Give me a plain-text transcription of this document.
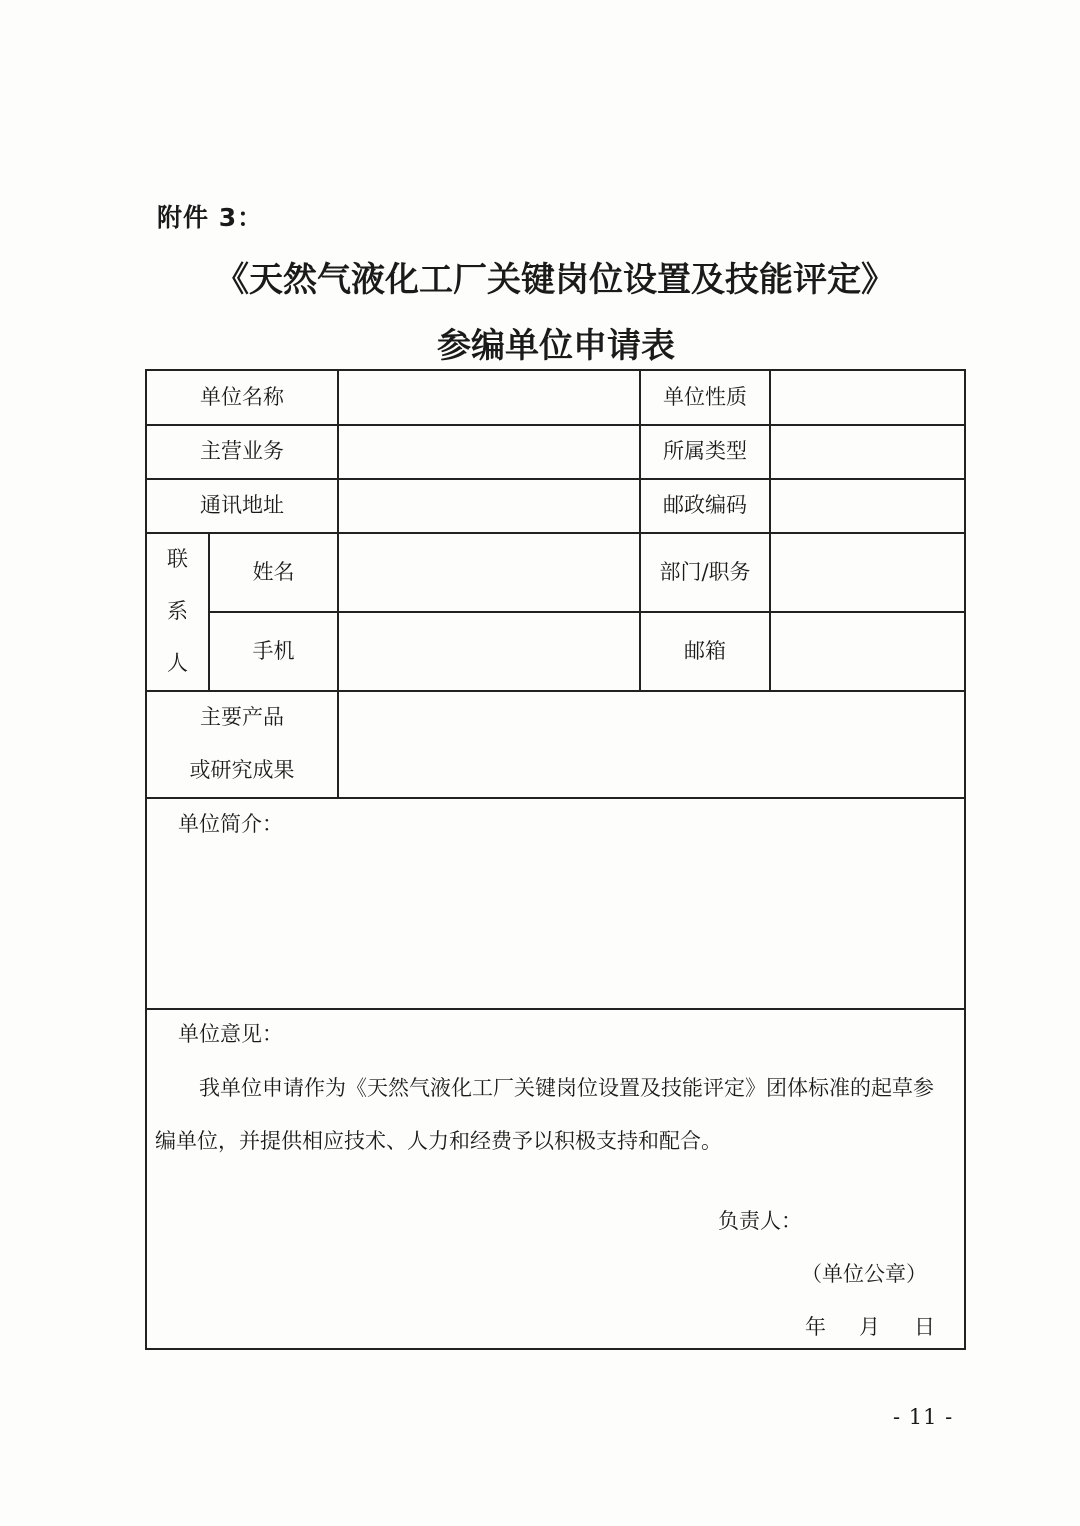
附件 3：
《天然气液化工厂关键岗位设置及技能评定》
参编单位申请表
单位名称	单位性质
主营业务	所属类型
通讯地址	邮政编码
联
系
人
姓名	部门/职务
手机	邮箱
主要产品
或研究成果
单位简介：
单位意见：
我单位申请作为《天然气液化工厂关键岗位设置及技能评定》团体标准的起草参
编单位，并提供相应技术、人力和经费予以积极支持和配合。
负责人：
（单位公章）
年 月 日
- 11 -
